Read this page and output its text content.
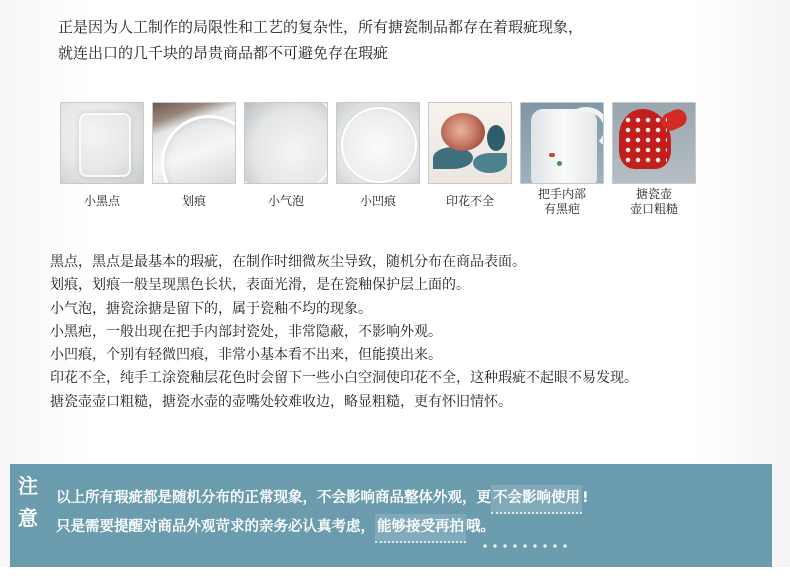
正是因为人工制作的局限性和工艺的复杂性，所有搪瓷制品都存在着瑕疵现象，
就连出口的几千块的昂贵商品都不可避免存在瑕疵
小黑点	划痕	小气泡	小凹痕	印花不全	把手内部
有黑疤
搪瓷壶
壶口粗糙
黑点，黑点是最基本的瑕疵，在制作时细微灰尘导致，随机分布在商品表面。
划痕，划痕一般呈现黑色长状，表面光滑，是在瓷釉保护层上面的。
小气泡，搪瓷涂搪是留下的，属于瓷釉不均的现象。
小黑疤，一般出现在把手内部封瓷处，非常隐蔽，不影响外观。
小凹痕，个别有轻微凹痕，非常小基本看不出来，但能摸出来。
印花不全，纯手工涂瓷釉层花色时会留下一些小白空洞使印花不全，这种瑕疵不起眼不易发现。
搪瓷壶壶口粗糙，搪瓷水壶的壶嘴处较难收边，略显粗糙，更有怀旧情怀。
注
意
以上所有瑕疵都是随机分布的正常现象，不会影响商品整体外观，更 不会影响使用 !
只是需要提醒对商品外观苛求的亲务必认真考虑， 能够接受再拍 哦。
